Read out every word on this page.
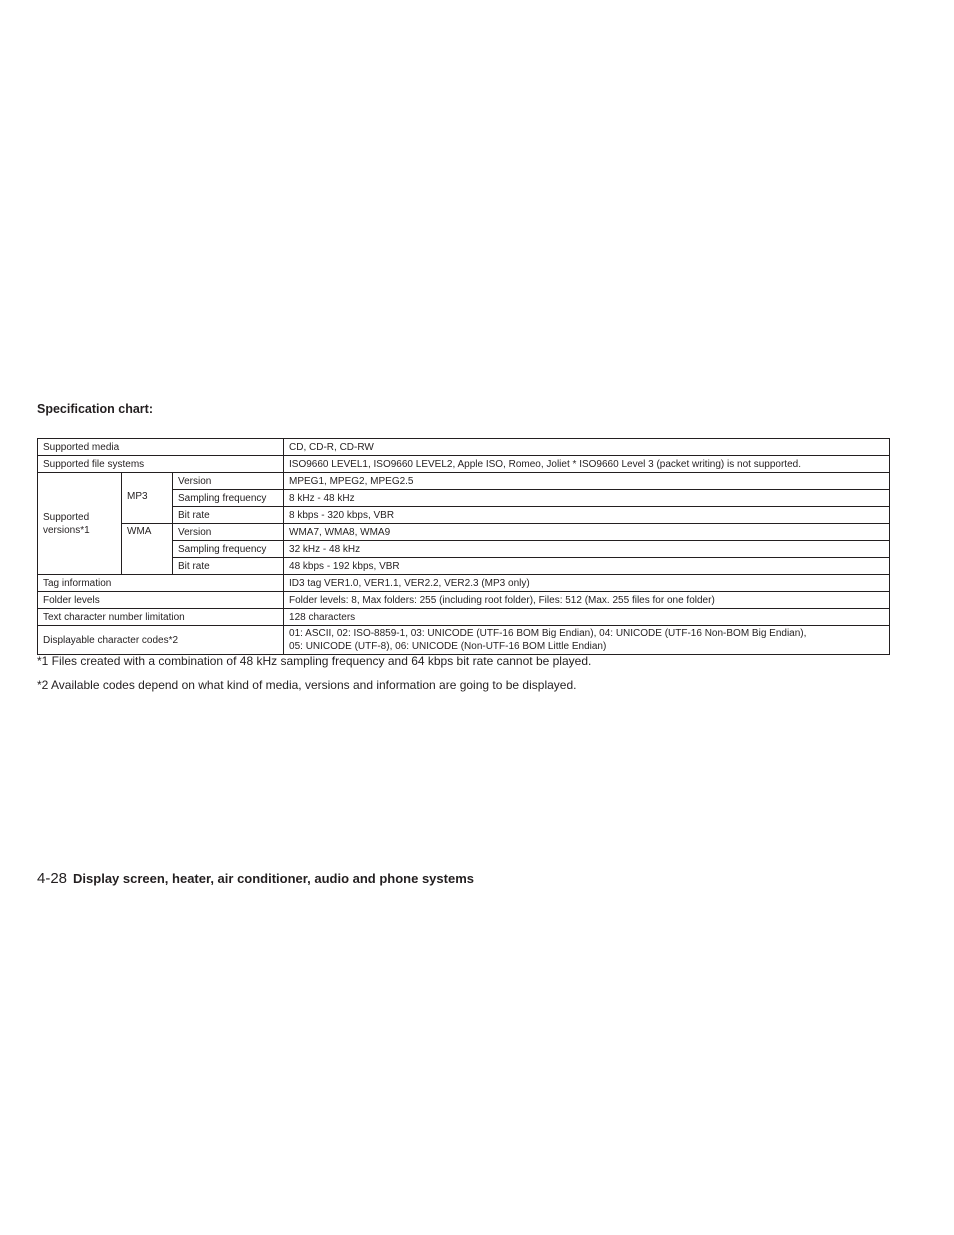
Specification chart:
Supported media			CD, CD-R, CD-RW
Supported file systems			ISO9660 LEVEL1, ISO9660 LEVEL2, Apple ISO, Romeo, Joliet * ISO9660 Level 3 (packet writing) is not supported.
Supported
versions*1	MP3	Version	MPEG1, MPEG2, MPEG2.5
		Sampling frequency	8 kHz - 48 kHz
		Bit rate	8 kbps - 320 kbps, VBR
	WMA	Version	WMA7, WMA8, WMA9
		Sampling frequency	32 kHz - 48 kHz
		Bit rate	48 kbps - 192 kbps, VBR
Tag information			ID3 tag VER1.0, VER1.1, VER2.2, VER2.3 (MP3 only)
Folder levels			Folder levels: 8, Max folders: 255 (including root folder), Files: 512 (Max. 255 files for one folder)
Text character number limitation			128 characters
Displayable character codes*2			01: ASCII, 02: ISO-8859-1, 03: UNICODE (UTF-16 BOM Big Endian), 04: UNICODE (UTF-16 Non-BOM Big Endian),
05: UNICODE (UTF-8), 06: UNICODE (Non-UTF-16 BOM Little Endian)

*1 Files created with a combination of 48 kHz sampling frequency and 64 kbps bit rate cannot be played.

*2 Available codes depend on what kind of media, versions and information are going to be displayed.

4-28 Display screen, heater, air conditioner, audio and phone systems
